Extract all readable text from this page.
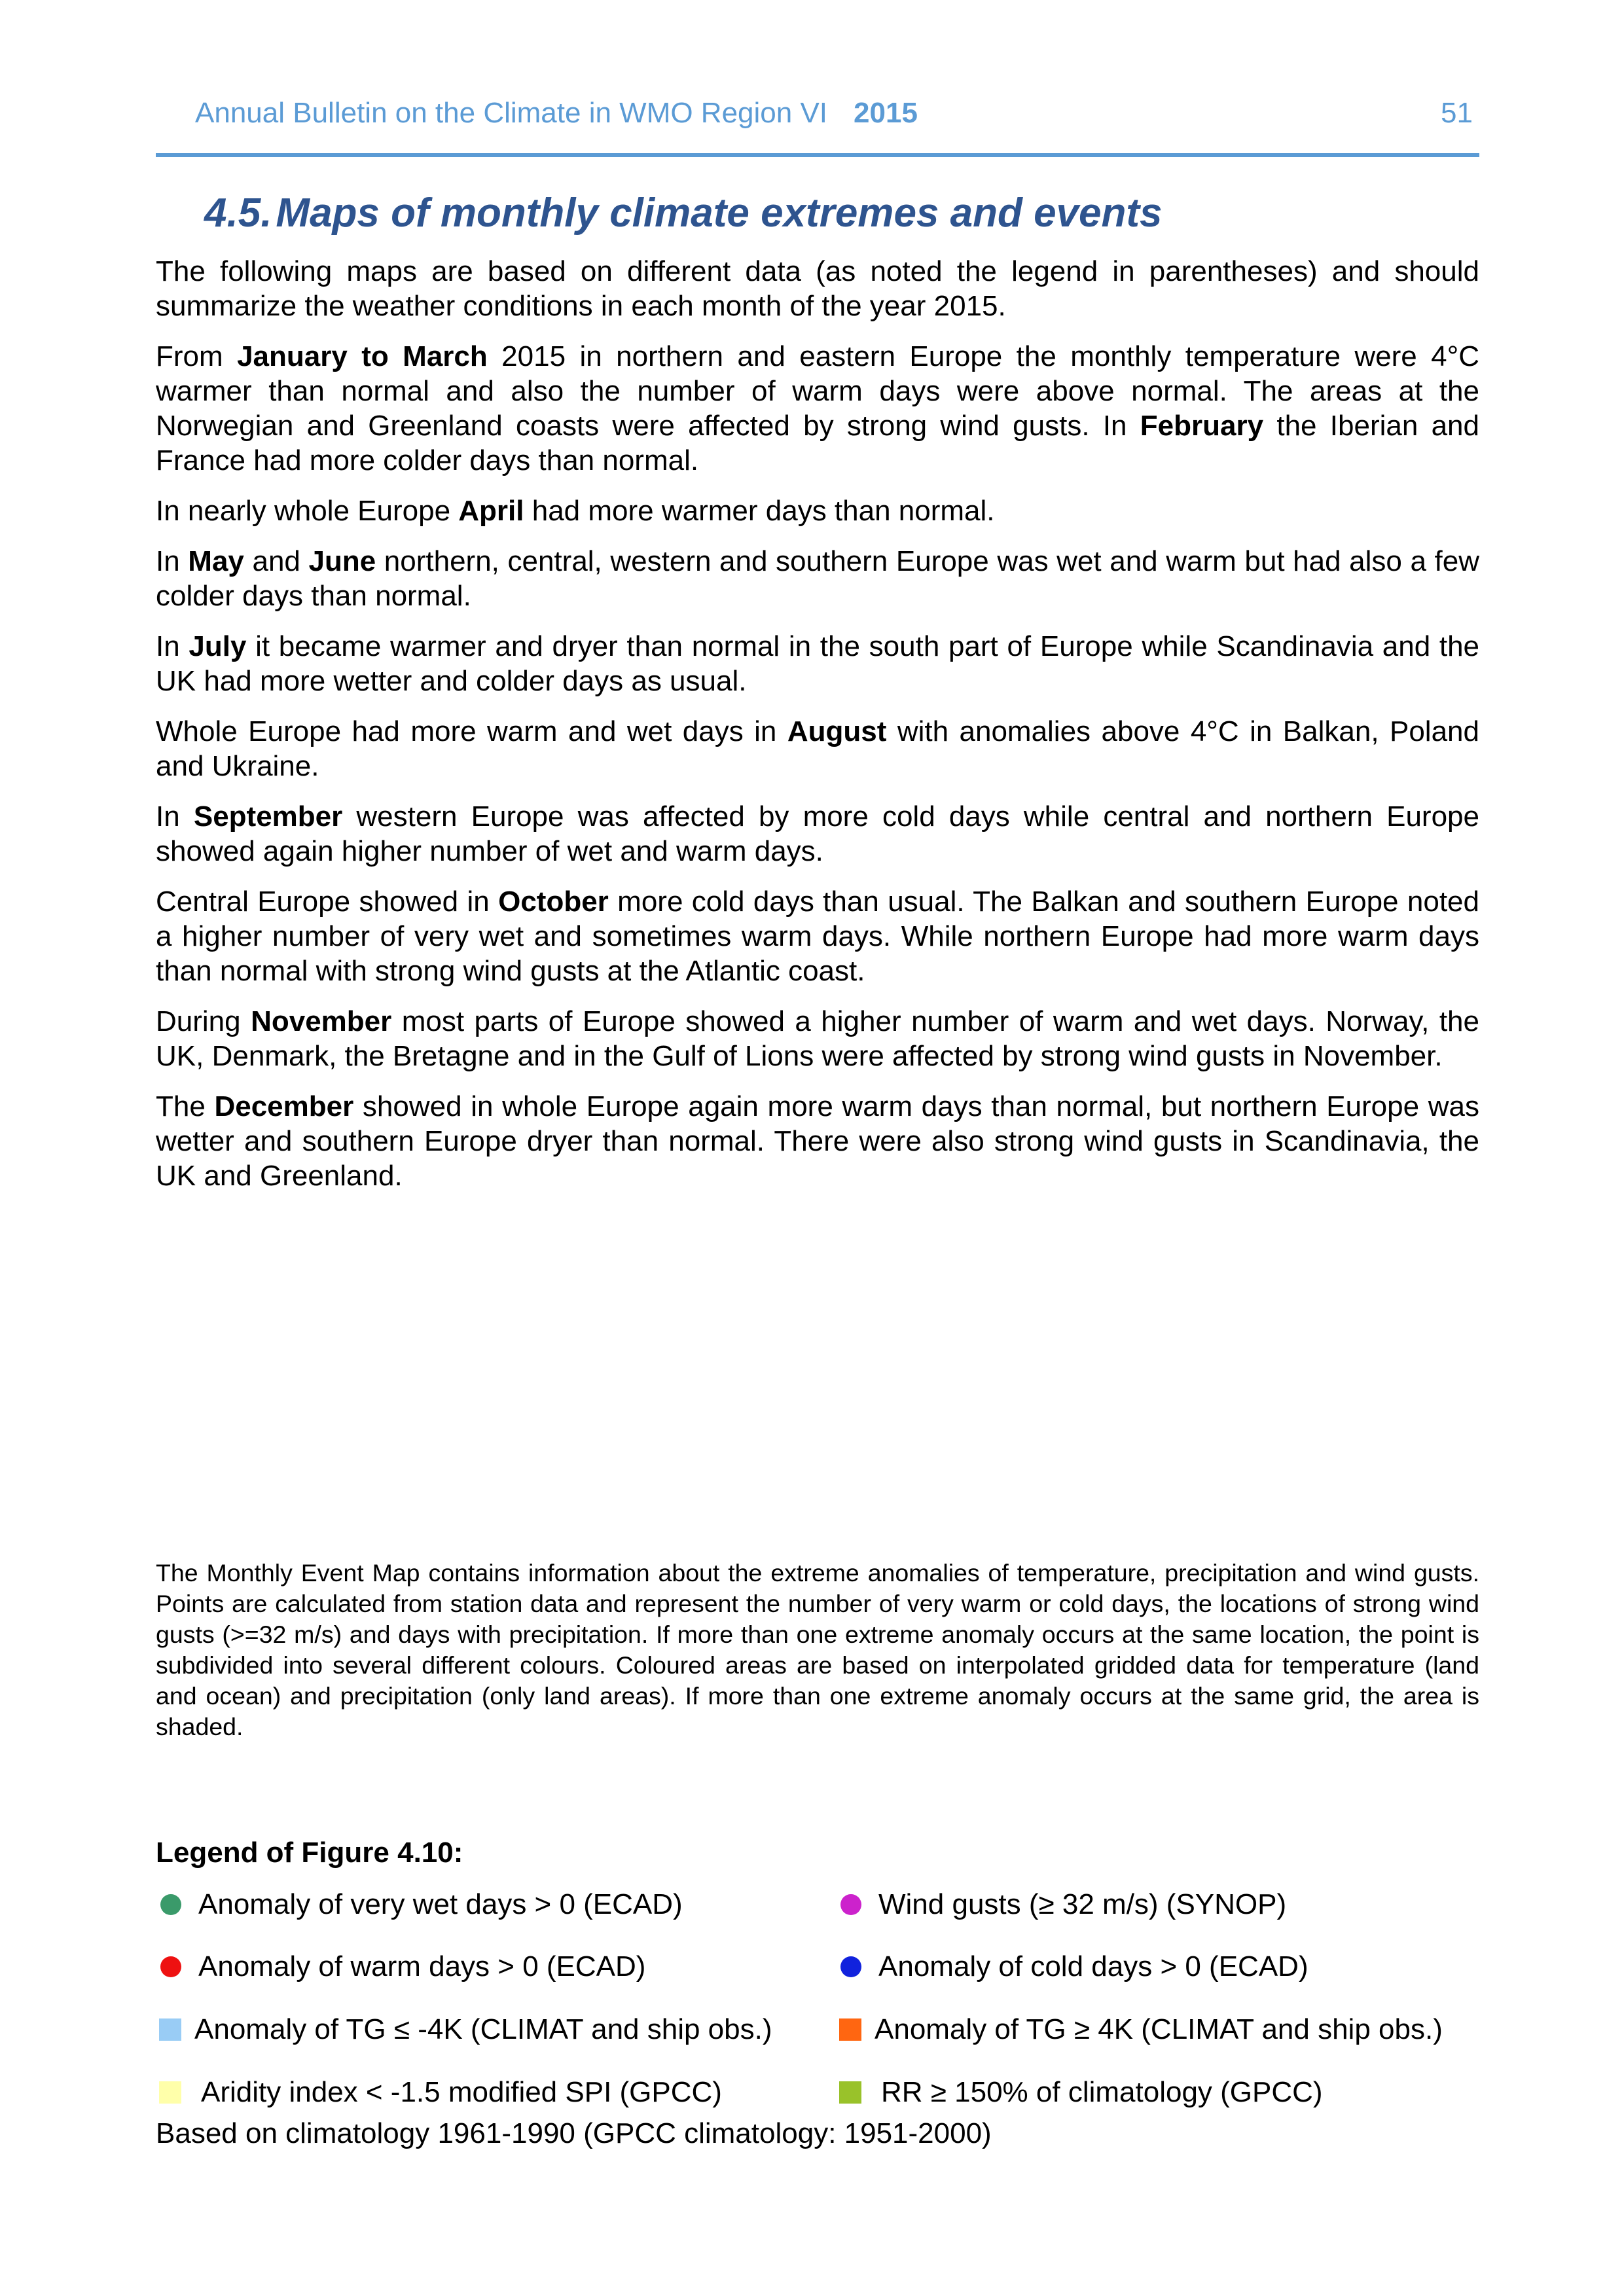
Annual Bulletin on the Climate in WMO Region VI 2015	51
4.5.Maps of monthly climate extremes and events

The following maps are based on different data (as noted the legend in parentheses) and should summarize the weather conditions in each month of the year 2015.

From January to March 2015 in northern and eastern Europe the monthly temperature were 4°C warmer than normal and also the number of warm days were above normal. The areas at the Norwegian and Greenland coasts were affected by strong wind gusts. In February the Iberian and France had more colder days than normal.

In nearly whole Europe April had more warmer days than normal.

In May and June northern, central, western and southern Europe was wet and warm but had also a few colder days than normal.

In July it became warmer and dryer than normal in the south part of Europe while Scandinavia and the UK had more wetter and colder days as usual.

Whole Europe had more warm and wet days in August with anomalies above 4°C in Balkan, Poland and Ukraine.

In September western Europe was affected by more cold days while central and northern Europe showed again higher number of wet and warm days.

Central Europe showed in October more cold days than usual. The Balkan and southern Europe noted a higher number of very wet and sometimes warm days. While northern Europe had more warm days than normal with strong wind gusts at the Atlantic coast.

During November most parts of Europe showed a higher number of warm and wet days. Norway, the UK, Denmark, the Bretagne and in the Gulf of Lions were affected by strong wind gusts in November.

The December showed in whole Europe again more warm days than normal, but northern Europe was wetter and southern Europe dryer than normal. There were also strong wind gusts in Scandinavia, the UK and Greenland.

The Monthly Event Map contains information about the extreme anomalies of temperature, precipitation and wind gusts. Points are calculated from station data and represent the number of very warm or cold days, the locations of strong wind gusts (>=32 m/s) and days with precipitation. If more than one extreme anomaly occurs at the same location, the point is subdivided into several different colours. Coloured areas are based on interpolated gridded data for temperature (land and ocean) and precipitation (only land areas). If more than one extreme anomaly occurs at the same grid, the area is shaded.

Legend of Figure 4.10:
Anomaly of very wet days > 0 (ECAD)	Wind gusts (≥ 32 m/s) (SYNOP)
Anomaly of warm days > 0 (ECAD)	Anomaly of cold days > 0 (ECAD)
Anomaly of TG ≤ -4K (CLIMAT and ship obs.)	Anomaly of TG ≥ 4K (CLIMAT and ship obs.)
Aridity index < -1.5 modified SPI (GPCC)	RR ≥ 150% of climatology (GPCC)
Based on climatology 1961-1990 (GPCC climatology: 1951-2000)
